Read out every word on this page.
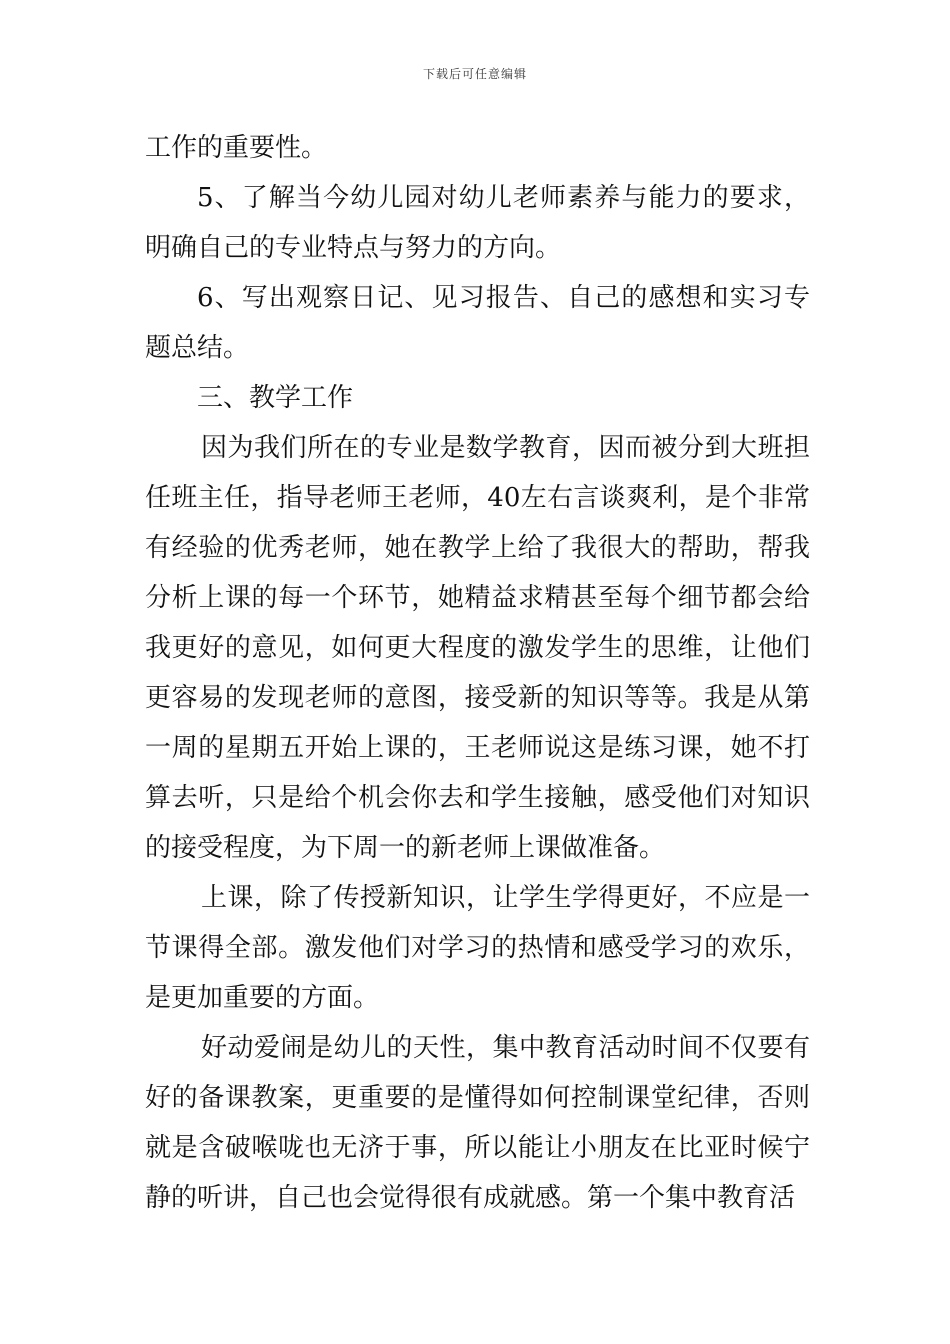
下载后可任意编辑

工作的重要性。

5、了解当今幼儿园对幼儿老师素养与能力的要求，明确自己的专业特点与努力的方向。

6、写出观察日记、见习报告、自己的感想和实习专题总结。

三、教学工作

因为我们所在的专业是数学教育，因而被分到大班担任班主任，指导老师王老师，40左右言谈爽利，是个非常有经验的优秀老师，她在教学上给了我很大的帮助，帮我分析上课的每一个环节，她精益求精甚至每个细节都会给我更好的意见，如何更大程度的激发学生的思维，让他们更容易的发现老师的意图，接受新的知识等等。我是从第一周的星期五开始上课的，王老师说这是练习课，她不打算去听，只是给个机会你去和学生接触，感受他们对知识的接受程度，为下周一的新老师上课做准备。

上课，除了传授新知识，让学生学得更好，不应是一节课得全部。激发他们对学习的热情和感受学习的欢乐，是更加重要的方面。

好动爱闹是幼儿的天性，集中教育活动时间不仅要有好的备课教案，更重要的是懂得如何控制课堂纪律，否则就是含破喉咙也无济于事，所以能让小朋友在比亚时候宁静的听讲，自己也会觉得很有成就感。第一个集中教育活
